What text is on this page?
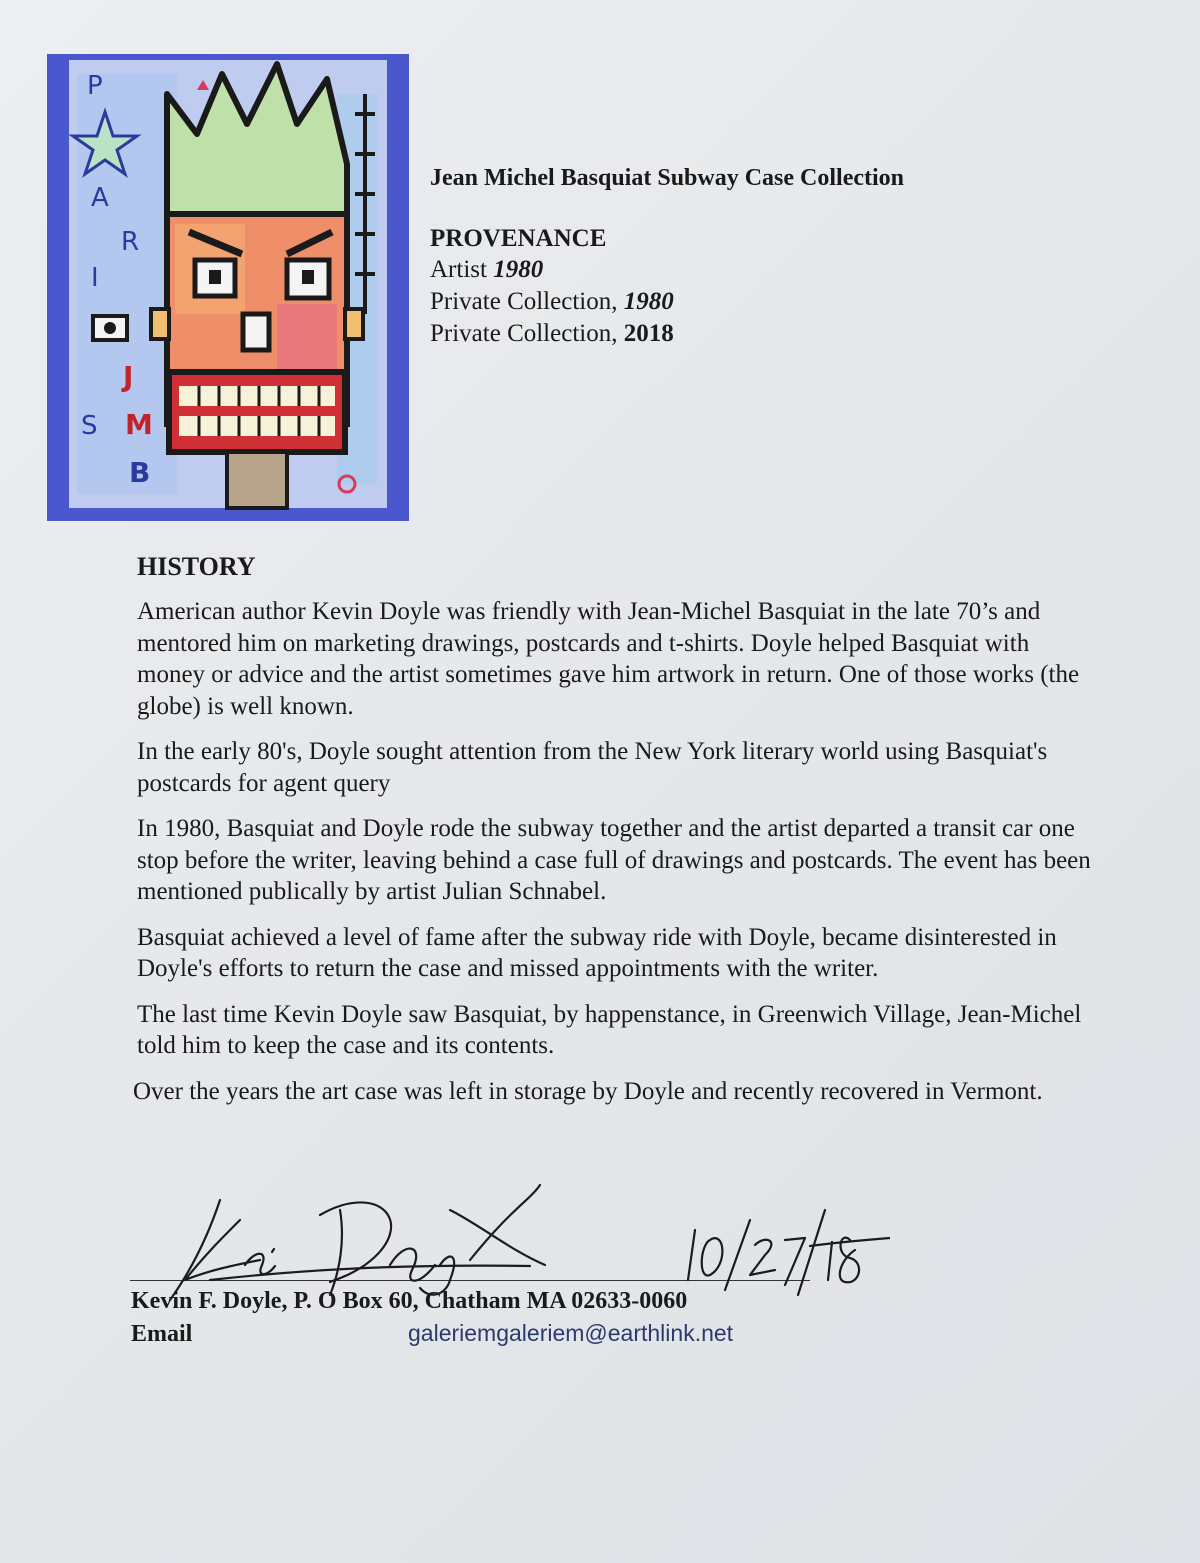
P
A
R
I
S
J
M
B
Jean Michel Basquiat Subway Case Collection
PROVENANCE
Artist 1980
Private Collection, 1980
Private Collection, 2018
HISTORY

American author Kevin Doyle was friendly with Jean-Michel Basquiat in the late 70’s and mentored him on marketing drawings, postcards and t-shirts. Doyle helped Basquiat with money or advice and the artist sometimes gave him artwork in return. One of those works (the globe) is well known.

In the early 80's, Doyle sought attention from the New York literary world using Basquiat's postcards for agent query

In 1980, Basquiat and Doyle rode the subway together and the artist departed a transit car one stop before the writer, leaving behind a case full of drawings and postcards. The event has been mentioned publically by artist Julian Schnabel.

Basquiat achieved a level of fame after the subway ride with Doyle, became disinterested in Doyle's efforts to return the case and missed appointments with the writer.

The last time Kevin Doyle saw Basquiat, by happenstance, in Greenwich Village, Jean-Michel told him to keep the case and its contents.

Over the years the art case was left in storage by Doyle and recently recovered in Vermont.

Kevin F. Doyle, P. O Box 60, Chatham MA 02633-0060
Email	galeriemgaleriem@earthlink.net
